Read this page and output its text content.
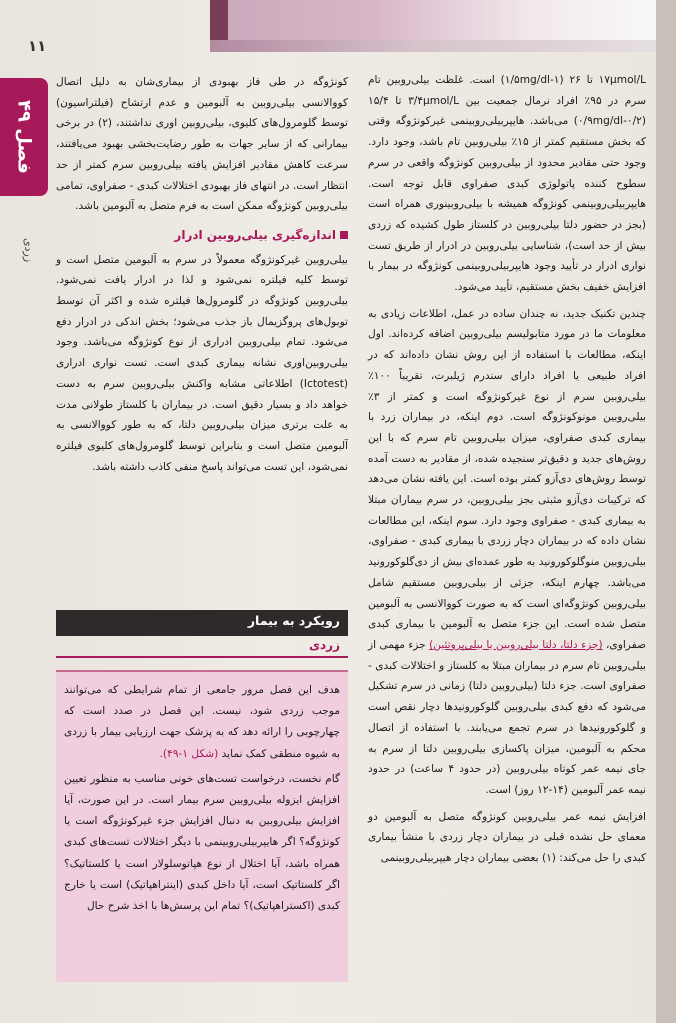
۱۱
فصل ۴۹
زردی

۱۷μmol/L تا ۲۶ (۱/۵mg/dl-۱) است. غلظت بیلی‌روبین تام سرم در ۹۵٪ افراد نرمال جمعیت بین ۳/۴μmol/L تا ۱۵/۴ (۰/۲-۰/۹mg/dl) می‌باشد. هایپربیلی‌روبینمی غیرکونژوگه وقتی که بخش مستقیم کمتر از ۱۵٪ بیلی‌روبین تام باشد، وجود دارد. وجود حتی مقادیر محدود از بیلی‌روبین کونژوگه واقعی در سرم سطوح کننده پاتولوژی کبدی صفراوی قابل توجه است. هایپربیلی‌روبینمی کونژوگه همیشه با بیلی‌روبینوری همراه است (بجز در حضور دلتا بیلی‌روبین در کلستاز طول کشیده که زردی بیش از حد است)، شناسایی بیلی‌روبین در ادرار از طریق تست نواری ادرار در تأیید وجود هایپربیلی‌روبینمی کونژوگه در بیمار با افزایش خفیف بخش مستقیم، تأیید می‌شود.

چندین تکنیک جدید، نه چندان ساده در عمل، اطلاعات زیادی به معلومات ما در مورد متابولیسم بیلی‌روبین اضافه کرده‌اند. اول اینکه، مطالعات با استفاده از این روش نشان داده‌اند که در افراد طبیعی یا افراد دارای سندرم ژیلبرت، تقریباً ۱۰۰٪ بیلی‌روبین سرم از نوع غیرکونژوگه است و کمتر از ۳٪ بیلی‌روبین مونوکونژوگه است. دوم اینکه، در بیماران زرد با بیماری کبدی صفراوی، میزان بیلی‌روبین تام سرم که با این روش‌های جدید و دقیق‌تر سنجیده شده، از مقادیر به دست آمده توسط روش‌های دی‌آزو کمتر بوده است. این یافته نشان می‌دهد که ترکیبات دی‌آزو مثبتی بجز بیلی‌روبین، در سرم بیماران مبتلا به بیماری کبدی - صفراوی وجود دارد. سوم اینکه، این مطالعات نشان داده که در بیماران دچار زردی با بیماری کبدی - صفراوی، بیلی‌روبین منوگلوکورونید به طور عمده‌ای بیش از دی‌گلوکورونید می‌باشد. چهارم اینکه، جزئی از بیلی‌روبین مستقیم شامل بیلی‌روبین کونژوگه‌ای است که به صورت کووالانسی به آلبومین متصل شده است. این جزء متصل به آلبومین با بیماری کبدی صفراوی، (جزء دلتا، دلتا بیلی‌روبین یا بیلی‌پروتئین) جزء مهمی از بیلی‌روبین تام سرم در بیماران مبتلا به کلستاز و اختلالات کبدی - صفراوی است. جزء دلتا (بیلی‌روبین دلتا) زمانی در سرم تشکیل می‌شود که دفع کبدی بیلی‌روبین گلوکورونیدها دچار نقص است و گلوکورونیدها در سرم تجمع می‌یابند. با استفاده از اتصال محکم به آلبومین، میزان پاکسازی بیلی‌روبین دلتا از سرم به جای نیمه عمر کوتاه بیلی‌روبین (در حدود ۴ ساعت) در حدود نیمه عمر آلبومین (۱۴-۱۲ روز) است.

افزایش نیمه عمر بیلی‌روبین کونژوگه متصل به آلبومین دو معمای حل نشده قبلی در بیماران دچار زردی با منشأ بیماری کبدی را حل می‌کند: (۱) بعضی بیماران دچار هیپربیلی‌روبینمی

کونژوگه در طی فاز بهبودی از بیماری‌شان به دلیل اتصال کووالانسی بیلی‌روبین به آلبومین و عدم ارتشاح (فیلتراسیون) توسط گلومرول‌های کلیوی، بیلی‌روبین اوری نداشتند، (۲) در برخی بیمارانی که از سایر جهات به طور رضایت‌بخشی بهبود می‌یافتند، سرعت کاهش مقادیر افزایش یافته بیلی‌روبین سرم کمتر از حد انتظار است. در انتهای فاز بهبودی اختلالات کبدی - صفراوی، تمامی بیلی‌روبین کونژوگه ممکن است به فرم متصل به آلبومین باشد.

اندازه‌گیری بیلی‌روبین ادرار

بیلی‌روبین غیرکونژوگه معمولاً در سرم به آلبومین متصل است و توسط کلیه فیلتره نمی‌شود و لذا در ادرار یافت نمی‌شود. بیلی‌روبین کونژوگه در گلومرول‌ها فیلتره شده و اکثر آن توسط توبول‌های پروگزیمال باز جذب می‌شود؛ بخش اندکی در ادرار دفع می‌شود. تمام بیلی‌روبین ادراری از نوع کونژوگه می‌باشد. وجود بیلی‌روبین‌اوری نشانه بیماری کبدی است. تست نواری ادراری (Ictotest) اطلاعاتی مشابه واکنش بیلی‌روبین سرم به دست خواهد داد و بسیار دقیق است. در بیماران با کلستاز طولانی مدت به علت برتری میزان بیلی‌روبین دلتا، که به طور کووالانسی به آلبومین متصل است و بنابراین توسط گلومرول‌های کلیوی فیلتره نمی‌شود، این تست می‌تواند پاسخ منفی کاذب داشته باشد.

رویکرد به بیمار
زردی

هدف این فصل مرور جامعی از تمام شرایطی که می‌توانند موجب زردی شود، نیست. این فصل در صدد است که چهارچوبی را ارائه دهد که به پزشک جهت ارزیابی بیمار با زردی به شیوه منطقی کمک نماید (شکل ۱-۴۹).

گام نخست، درخواست تست‌های خونی مناسب به منظور تعیین افزایش ایزوله بیلی‌روبین سرم بیمار است. در این صورت، آیا افزایش بیلی‌روبین به دنبال افزایش جزء غیرکونژوگه است یا کونژوگه؟ اگر هایپربیلی‌روبینمی با دیگر اختلالات تست‌های کبدی همراه باشد، آیا اختلال از نوع هپاتوسلولار است یا کلستاتیک؟ اگر کلستاتیک است، آیا داخل کبدی (اینتراهپاتیک) است یا خارج کبدی (اکستراهپاتیک)؟ تمام این پرسش‌ها با اخذ شرح حال
